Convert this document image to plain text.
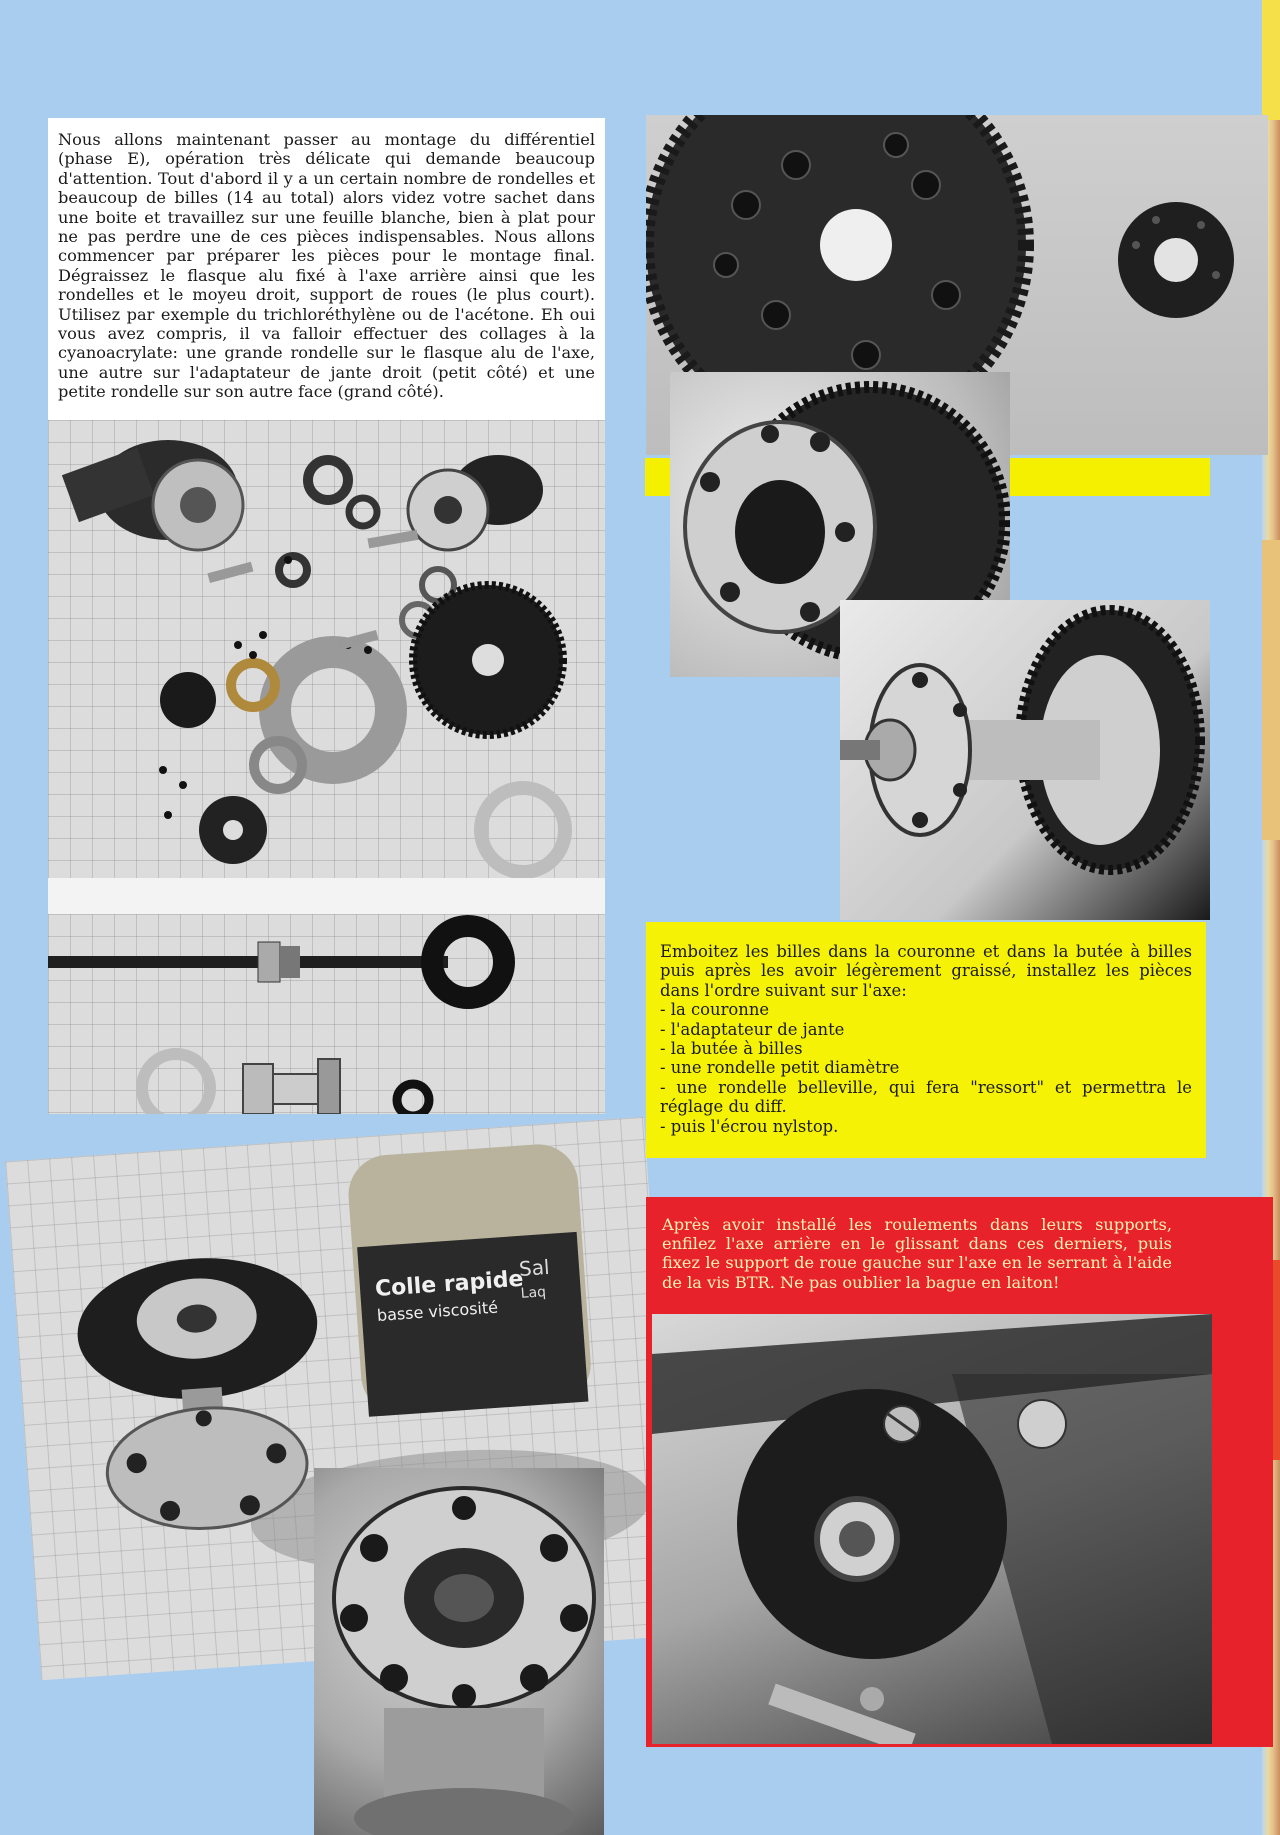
Nous allons maintenant passer au montage du différentiel (phase E), opération très délicate qui demande beaucoup d'attention. Tout d'abord il y a un certain nombre de rondelles et beaucoup de billes (14 au total) alors videz votre sachet dans une boite et travaillez sur une feuille blanche, bien à plat pour ne pas perdre une de ces pièces indispensables. Nous allons commencer par préparer les pièces pour le montage final. Dégraissez le flasque alu fixé à l'axe arrière ainsi que les rondelles et le moyeu droit, support de roues (le plus court). Utilisez par exemple du trichloréthylène ou de l'acétone. Eh oui vous avez compris, il va falloir effectuer des collages à la cyanoacrylate: une grande rondelle sur le flasque alu de l'axe, une autre sur l'adaptateur de jante droit (petit côté) et une petite rondelle sur son autre face (grand côté).
Colle rapide
basse viscosité
Sal
Laq

Emboitez les billes dans la couronne et dans la butée à billes puis après les avoir légèrement graissé, installez les pièces dans l'ordre suivant sur l'axe:

- la couronne
- l'adaptateur de jante
- la butée à billes
- une rondelle petit diamètre
- une rondelle belleville, qui fera "ressort" et permettra le réglage du diff.
- puis l'écrou nylstop.
Après avoir installé les roulements dans leurs supports, enfilez l'axe arrière en le glissant dans ces derniers, puis fixez le support de roue gauche sur l'axe en le serrant à l'aide de la vis BTR. Ne pas oublier la bague en laiton!
